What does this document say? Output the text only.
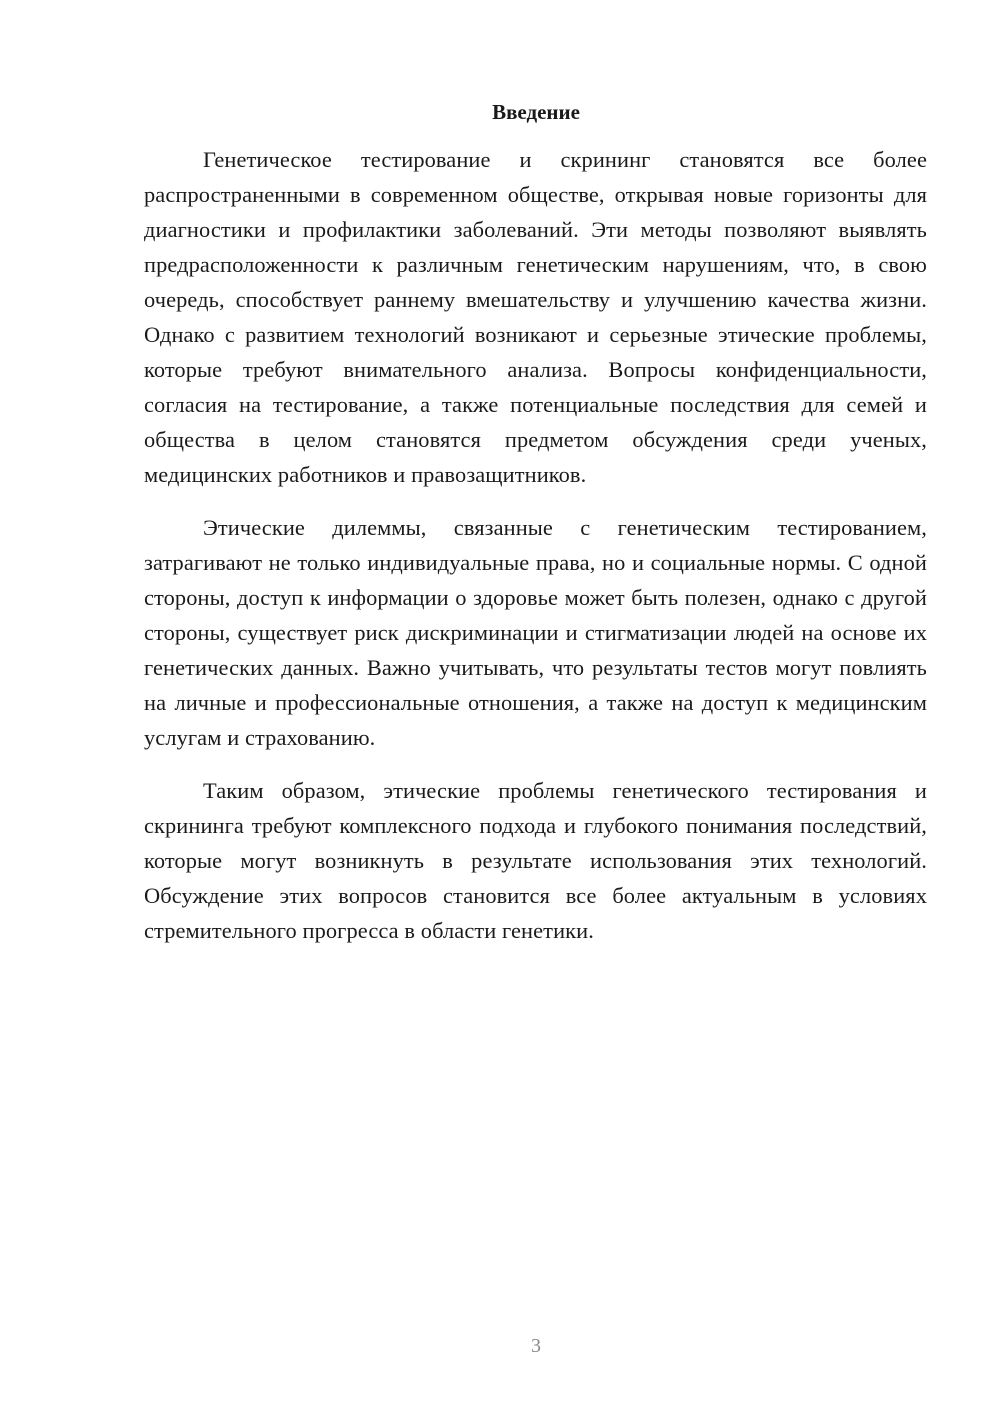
Введение

Генетическое тестирование и скрининг становятся все более распространенными в современном обществе, открывая новые горизонты для диагностики и профилактики заболеваний. Эти методы позволяют выявлять предрасположенности к различным генетическим нарушениям, что, в свою очередь, способствует раннему вмешательству и улучшению качества жизни. Однако с развитием технологий возникают и серьезные этические проблемы, которые требуют внимательного анализа. Вопросы конфиденциальности, согласия на тестирование, а также потенциальные последствия для семей и общества в целом становятся предметом обсуждения среди ученых, медицинских работников и правозащитников.

Этические дилеммы, связанные с генетическим тестированием, затрагивают не только индивидуальные права, но и социальные нормы. С одной стороны, доступ к информации о здоровье может быть полезен, однако с другой стороны, существует риск дискриминации и стигматизации людей на основе их генетических данных. Важно учитывать, что результаты тестов могут повлиять на личные и профессиональные отношения, а также на доступ к медицинским услугам и страхованию.

Таким образом, этические проблемы генетического тестирования и скрининга требуют комплексного подхода и глубокого понимания последствий, которые могут возникнуть в результате использования этих технологий. Обсуждение этих вопросов становится все более актуальным в условиях стремительного прогресса в области генетики.

3
